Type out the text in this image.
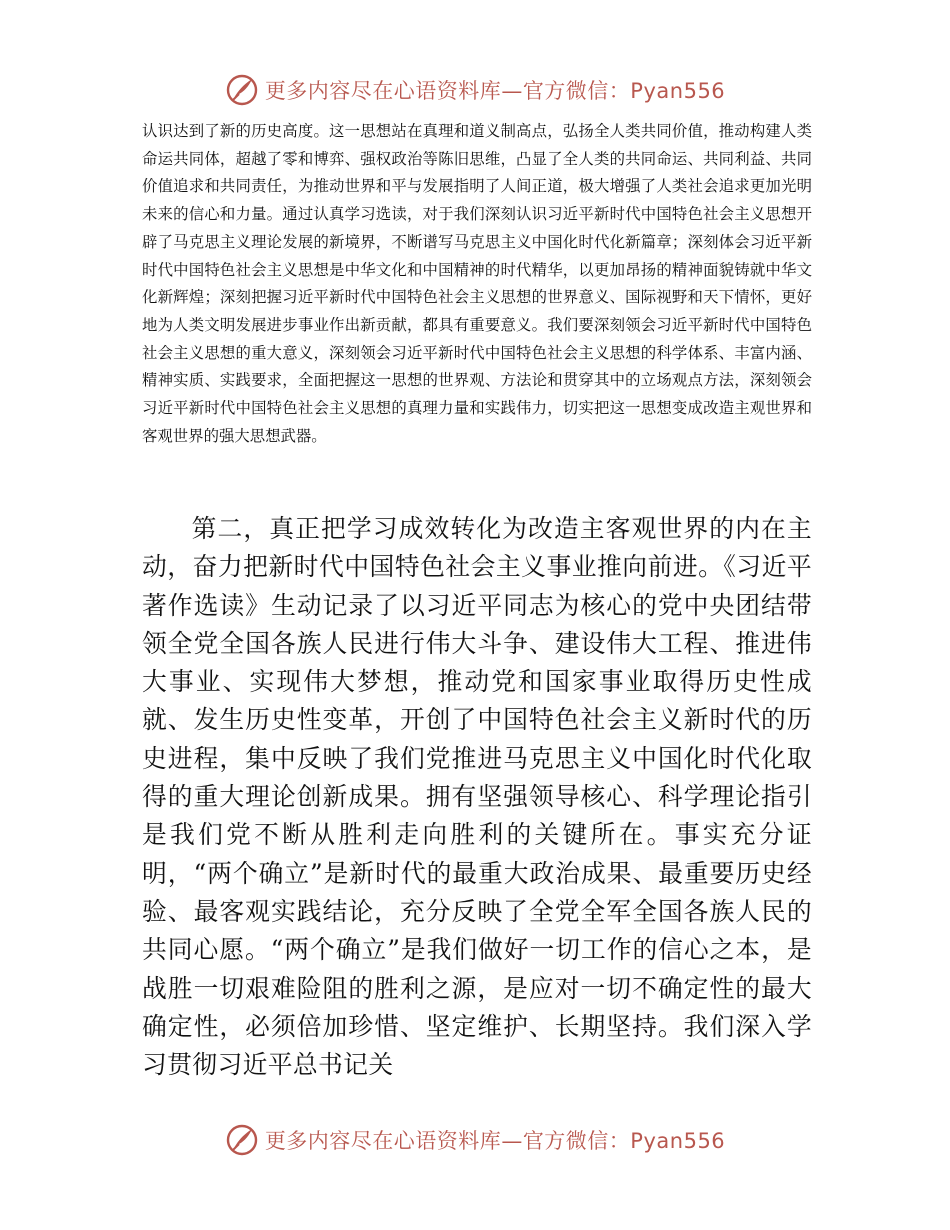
更多内容尽在心语资料库—官方微信：Pyan556

认识达到了新的历史高度。这一思想站在真理和道义制高点，弘扬全人类共同价值，推动构建人类命运共同体，超越了零和博弈、强权政治等陈旧思维，凸显了全人类的共同命运、共同利益、共同价值追求和共同责任，为推动世界和平与发展指明了人间正道，极大增强了人类社会追求更加光明未来的信心和力量。通过认真学习选读，对于我们深刻认识习近平新时代中国特色社会主义思想开辟了马克思主义理论发展的新境界，不断谱写马克思主义中国化时代化新篇章；深刻体会习近平新时代中国特色社会主义思想是中华文化和中国精神的时代精华，以更加昂扬的精神面貌铸就中华文化新辉煌；深刻把握习近平新时代中国特色社会主义思想的世界意义、国际视野和天下情怀，更好地为人类文明发展进步事业作出新贡献，都具有重要意义。我们要深刻领会习近平新时代中国特色社会主义思想的重大意义，深刻领会习近平新时代中国特色社会主义思想的科学体系、丰富内涵、精神实质、实践要求，全面把握这一思想的世界观、方法论和贯穿其中的立场观点方法，深刻领会习近平新时代中国特色社会主义思想的真理力量和实践伟力，切实把这一思想变成改造主观世界和客观世界的强大思想武器。

第二，真正把学习成效转化为改造主客观世界的内在主动，奋力把新时代中国特色社会主义事业推向前进。《习近平著作选读》生动记录了以习近平同志为核心的党中央团结带领全党全国各族人民进行伟大斗争、建设伟大工程、推进伟大事业、实现伟大梦想，推动党和国家事业取得历史性成就、发生历史性变革，开创了中国特色社会主义新时代的历史进程，集中反映了我们党推进马克思主义中国化时代化取得的重大理论创新成果。拥有坚强领导核心、科学理论指引是我们党不断从胜利走向胜利的关键所在。事实充分证明，“两个确立”是新时代的最重大政治成果、最重要历史经验、最客观实践结论，充分反映了全党全军全国各族人民的共同心愿。“两个确立”是我们做好一切工作的信心之本，是战胜一切艰难险阻的胜利之源，是应对一切不确定性的最大确定性，必须倍加珍惜、坚定维护、长期坚持。我们深入学习贯彻习近平总书记关

更多内容尽在心语资料库—官方微信：Pyan556
